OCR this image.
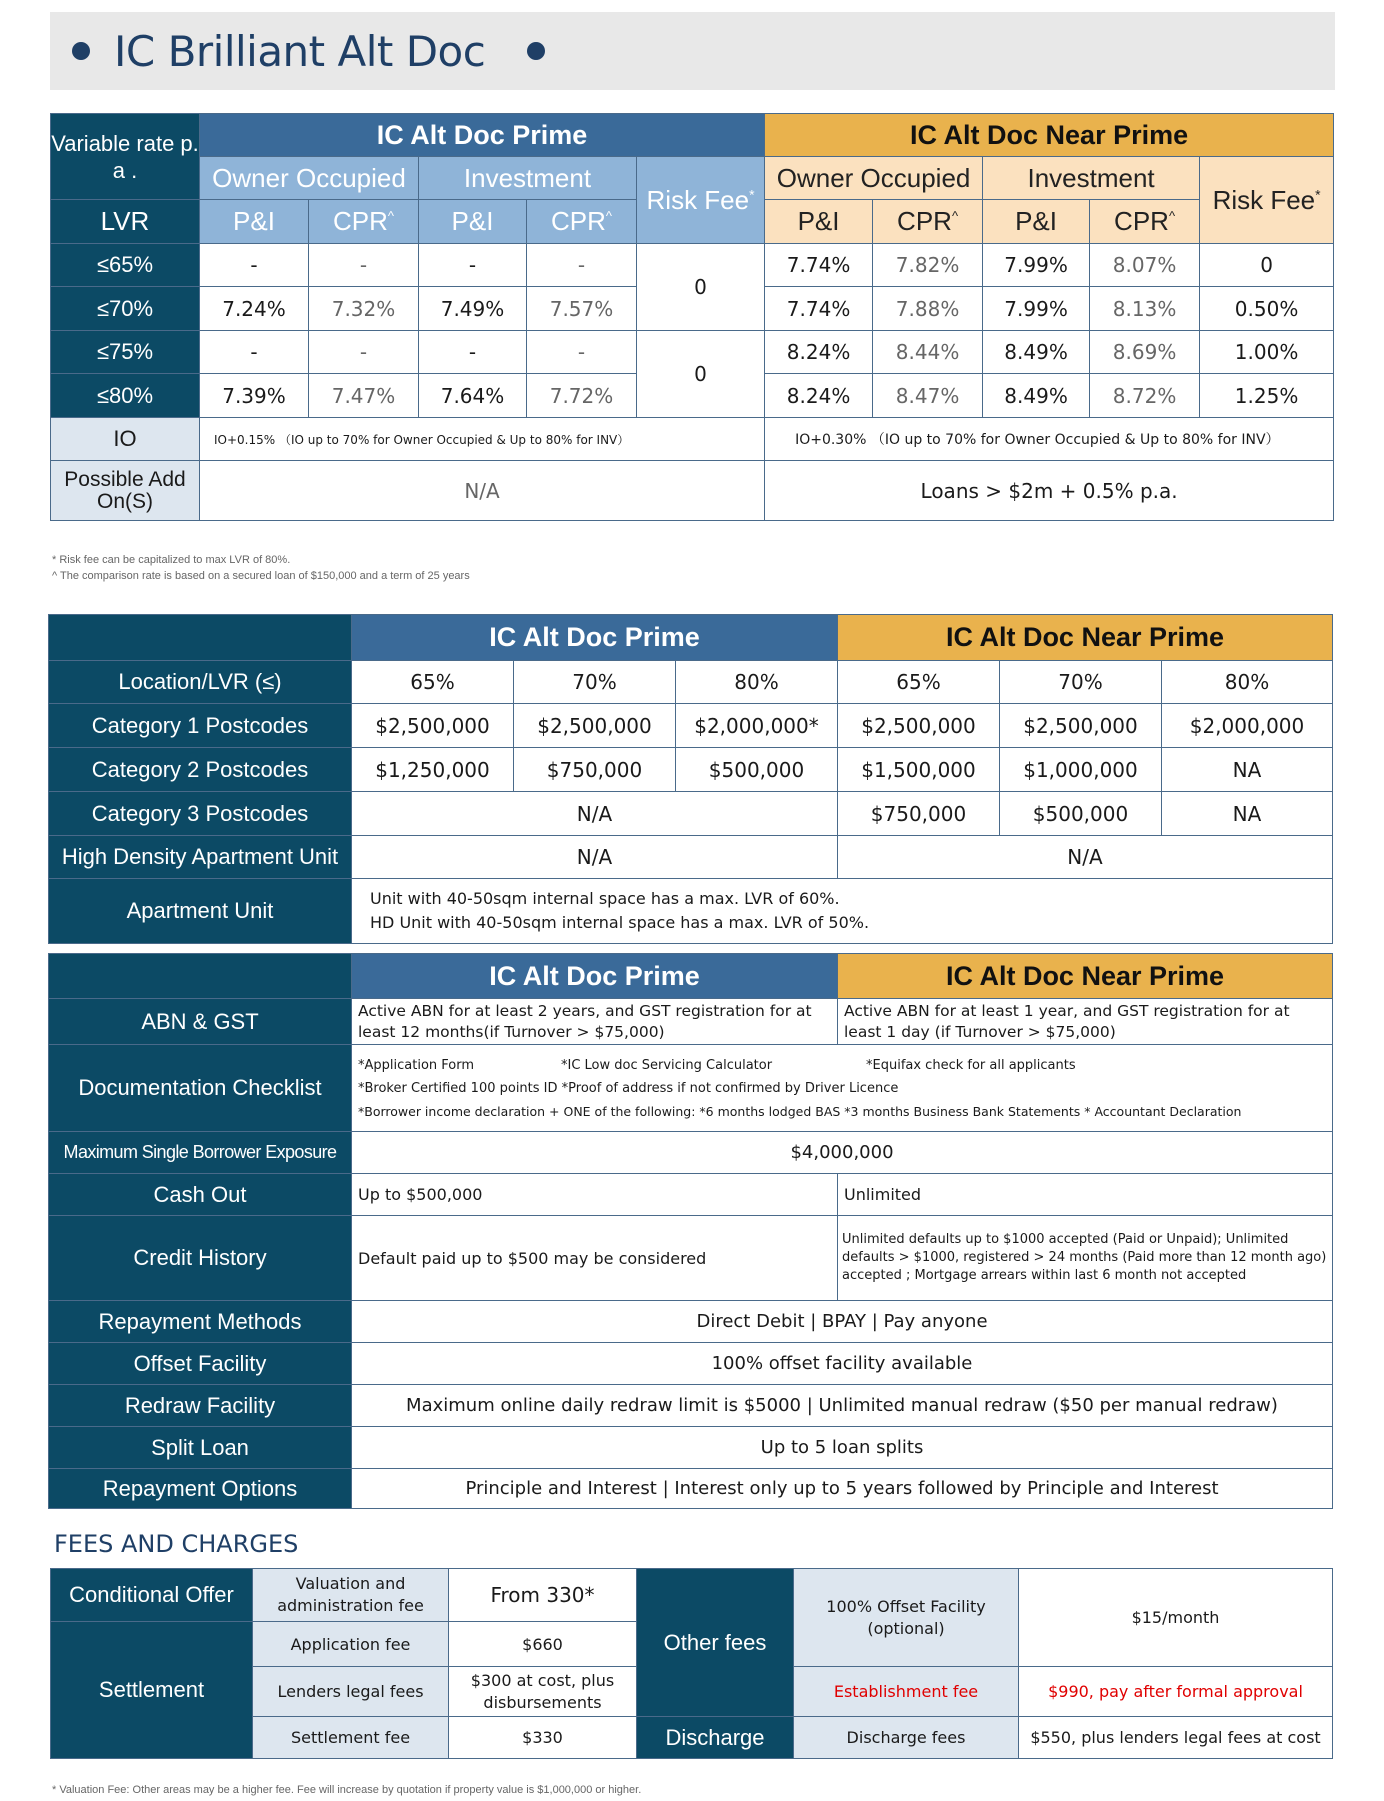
IC Brilliant Alt Doc
Variable rate p. a .	IC Alt Doc Prime					IC Alt Doc Near Prime				
	Owner Occupied		Investment		Risk Fee*	Owner Occupied		Investment		Risk Fee*
LVR	P&I	CPR^	P&I	CPR^		P&I	CPR^	P&I	CPR^
≤65%	-	-	-	-	0	7.74%	7.82%	7.99%	8.07%	0
≤70%	7.24%	7.32%	7.49%	7.57%		7.74%	7.88%	7.99%	8.13%	0.50%
≤75%	-	-	-	-	0	8.24%	8.44%	8.49%	8.69%	1.00%
≤80%	7.39%	7.47%	7.64%	7.72%		8.24%	8.47%	8.49%	8.72%	1.25%
IO	IO+0.15% （IO up to 70% for Owner Occupied & Up to 80% for INV）					IO+0.30% （IO up to 70% for Owner Occupied & Up to 80% for INV）				
Possible Add On(S)	N/A					Loans > $2m + 0.5% p.a.				
* Risk fee can be capitalized to max LVR of 80%.
^ The comparison rate is based on a secured loan of $150,000 and a term of 25 years
	IC Alt Doc Prime			IC Alt Doc Near Prime		
Location/LVR (≤)	65%	70%	80%	65%	70%	80%
Category 1 Postcodes	$2,500,000	$2,500,000	$2,000,000*	$2,500,000	$2,500,000	$2,000,000
Category 2 Postcodes	$1,250,000	$750,000	$500,000	$1,500,000	$1,000,000	NA
Category 3 Postcodes	N/A			$750,000	$500,000	NA
High Density Apartment Unit	N/A			N/A		
Apartment Unit	Unit with 40-50sqm internal space has a max. LVR of 60%.
HD Unit with 40-50sqm internal space has a max. LVR of 50%.					
	IC Alt Doc Prime	IC Alt Doc Near Prime
ABN & GST	Active ABN for at least 2 years, and GST registration for at least 12 months(if Turnover > $75,000)	Active ABN for at least 1 year, and GST registration for at least 1 day (if Turnover > $75,000)
Documentation Checklist	*Application Form *IC Low doc Servicing Calculator *Equifax check for all applicants
*Broker Certified 100 points ID *Proof of address if not confirmed by Driver Licence
*Borrower income declaration + ONE of the following: *6 months lodged BAS *3 months Business Bank Statements * Accountant Declaration	

Maximum Single Borrower Exposure	$4,000,000	
Cash Out	Up to $500,000	Unlimited
Credit History	Default paid up to $500 may be considered	Unlimited defaults up to $1000 accepted (Paid or Unpaid); Unlimited defaults > $1000, registered > 24 months (Paid more than 12 month ago) accepted ; Mortgage arrears within last 6 month not accepted
Repayment Methods	Direct Debit | BPAY | Pay anyone	
Offset Facility	100% offset facility available	
Redraw Facility	Maximum online daily redraw limit is $5000 | Unlimited manual redraw ($50 per manual redraw)	
Split Loan	Up to 5 loan splits	
Repayment Options	Principle and Interest | Interest only up to 5 years followed by Principle and Interest	
FEES AND CHARGES
Conditional Offer	Valuation and administration fee	From 330*	Other fees	100% Offset Facility (optional)	$15/month
Settlement	Application fee	$660			
	Lenders legal fees	$300 at cost, plus disbursements		Establishment fee	$990, pay after formal approval
	Settlement fee	$330	Discharge	Discharge fees	$550, plus lenders legal fees at cost
* Valuation Fee: Other areas may be a higher fee. Fee will increase by quotation if property value is $1,000,000 or higher.
